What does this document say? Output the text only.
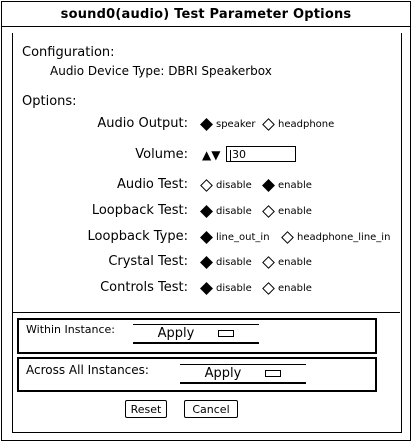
sound0(audio) Test Parameter Options
Configuration:
Audio Device Type: DBRI Speakerbox
Options:
Audio Output:	speaker headphone
Volume: ▲▼	30
Audio Test:	disable	enable
Loopback Test:	disable	enable
Loopback Type:	line_out_in	headphone_line_in
Crystal Test:	disable	enable
Controls Test:	disable	enable
Within Instance:	Apply
Across All Instances:	Apply
Reset	Cancel
